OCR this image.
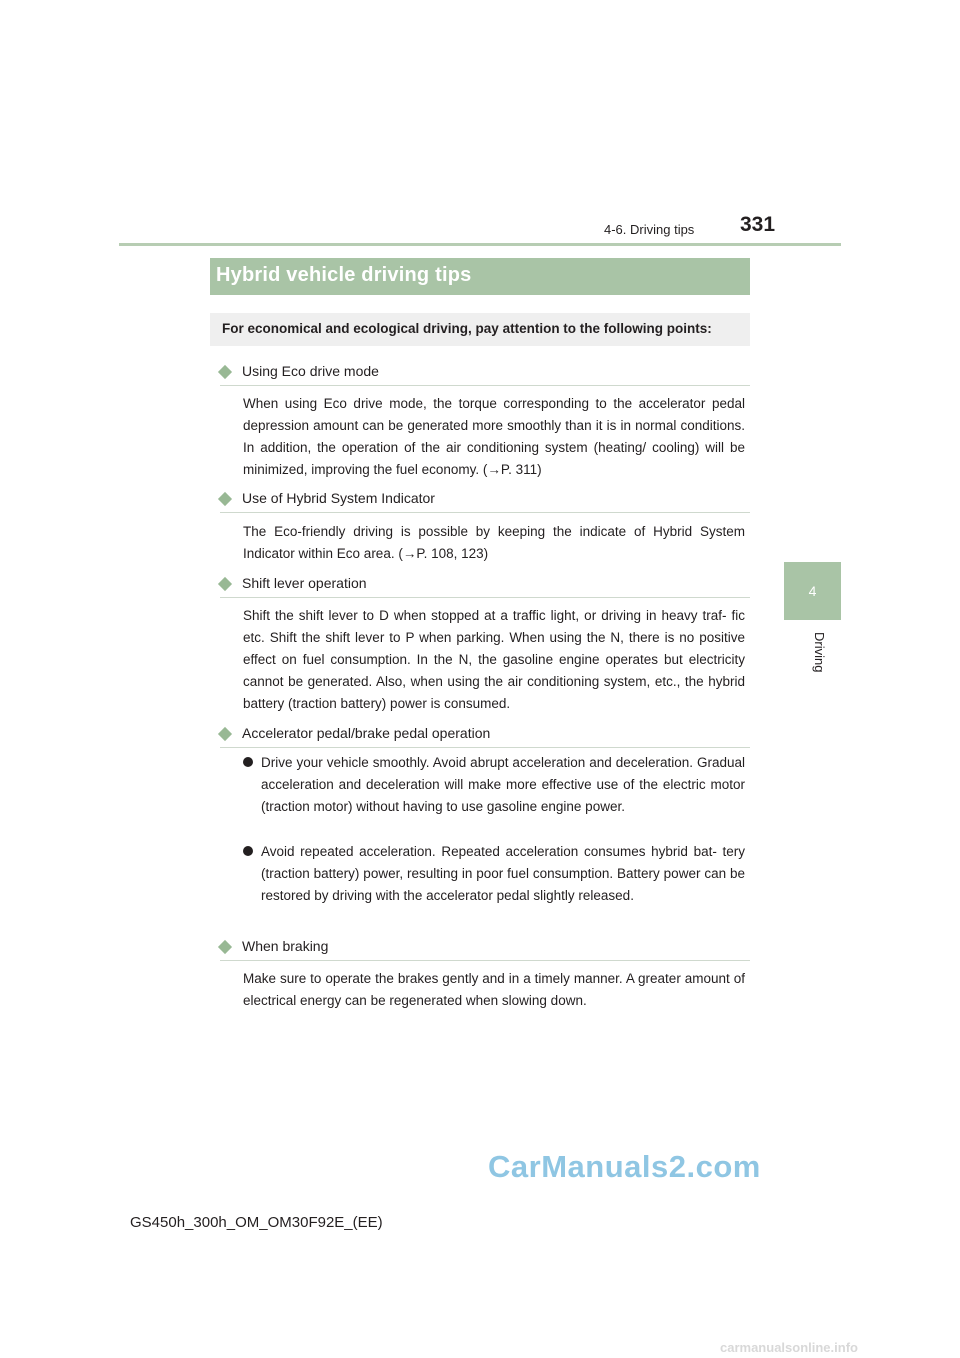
4-6. Driving tips 331
4
Driving
Hybrid vehicle driving tips
For economical and ecological driving, pay attention to the following points:
Using Eco drive mode
When using Eco drive mode, the torque corresponding to the accelerator pedal depression amount can be generated more smoothly than it is in normal conditions. In addition, the operation of the air conditioning system (heating/ cooling) will be minimized, improving the fuel economy. (→P. 311)
Use of Hybrid System Indicator
The Eco-friendly driving is possible by keeping the indicate of Hybrid System Indicator within Eco area. (→P. 108, 123)
Shift lever operation
Shift the shift lever to D when stopped at a traffic light, or driving in heavy traf- fic etc. Shift the shift lever to P when parking. When using the N, there is no positive effect on fuel consumption. In the N, the gasoline engine operates but electricity cannot be generated. Also, when using the air conditioning system, etc., the hybrid battery (traction battery) power is consumed.
Accelerator pedal/brake pedal operation
Drive your vehicle smoothly. Avoid abrupt acceleration and deceleration. Gradual acceleration and deceleration will make more effective use of the electric motor (traction motor) without having to use gasoline engine power.
Avoid repeated acceleration. Repeated acceleration consumes hybrid bat- tery (traction battery) power, resulting in poor fuel consumption. Battery power can be restored by driving with the accelerator pedal slightly released.
When braking
Make sure to operate the brakes gently and in a timely manner. A greater amount of electrical energy can be regenerated when slowing down.
CarManuals2.com
GS450h_300h_OM_OM30F92E_(EE)
carmanualsonline.info
